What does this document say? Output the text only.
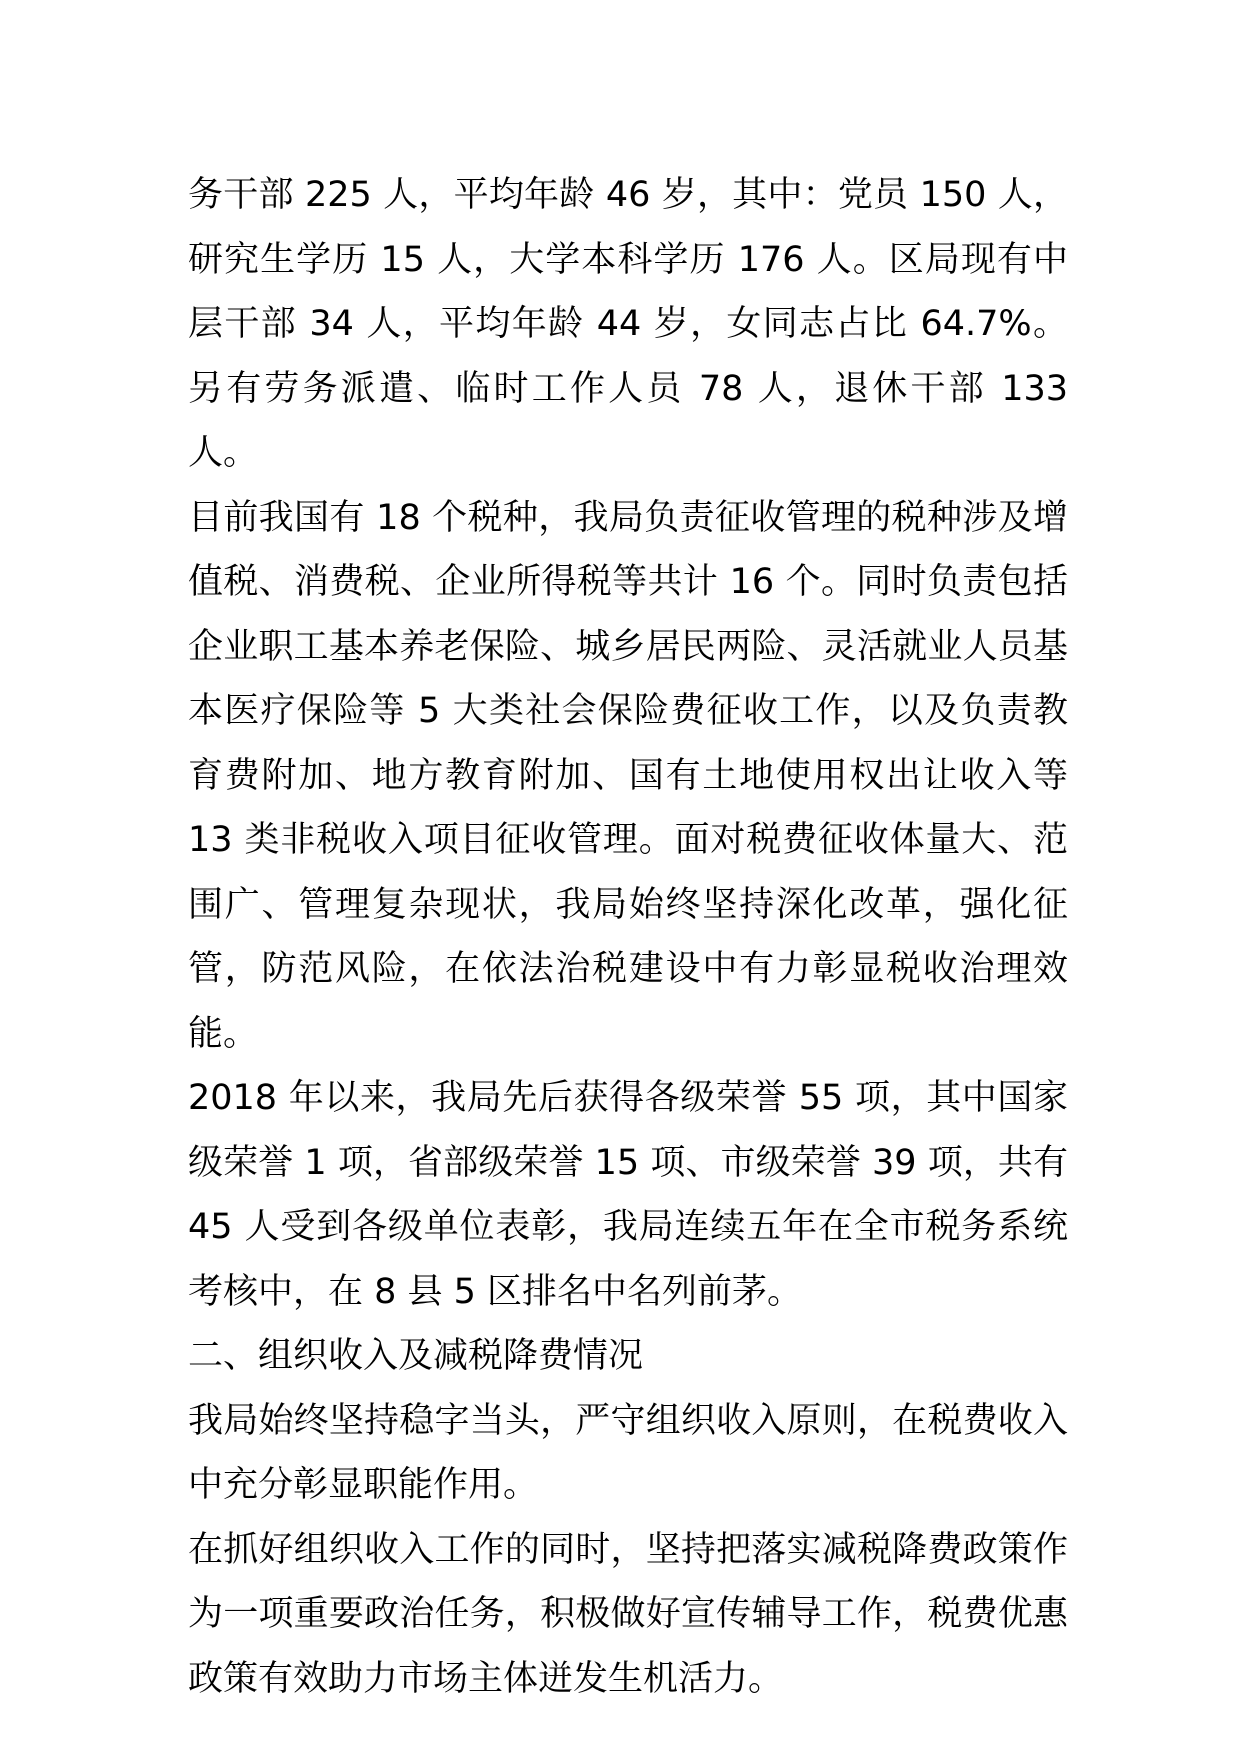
务干部 225 人，平均年龄 46 岁，其中：党员 150 人，研究生学历 15 人，大学本科学历 176 人。区局现有中层干部 34 人，平均年龄 44 岁，女同志占比 64.7%。另有劳务派遣、临时工作人员 78 人，退休干部 133 人。

目前我国有 18 个税种，我局负责征收管理的税种涉及增值税、消费税、企业所得税等共计 16 个。同时负责包括企业职工基本养老保险、城乡居民两险、灵活就业人员基本医疗保险等 5 大类社会保险费征收工作，以及负责教育费附加、地方教育附加、国有土地使用权出让收入等 13 类非税收入项目征收管理。面对税费征收体量大、范围广、管理复杂现状，我局始终坚持深化改革，强化征管，防范风险，在依法治税建设中有力彰显税收治理效能。

2018 年以来，我局先后获得各级荣誉 55 项，其中国家级荣誉 1 项，省部级荣誉 15 项、市级荣誉 39 项，共有 45 人受到各级单位表彰，我局连续五年在全市税务系统考核中，在 8 县 5 区排名中名列前茅。

二、组织收入及减税降费情况

我局始终坚持稳字当头，严守组织收入原则，在税费收入中充分彰显职能作用。

在抓好组织收入工作的同时，坚持把落实减税降费政策作为一项重要政治任务，积极做好宣传辅导工作，税费优惠政策有效助力市场主体迸发生机活力。
